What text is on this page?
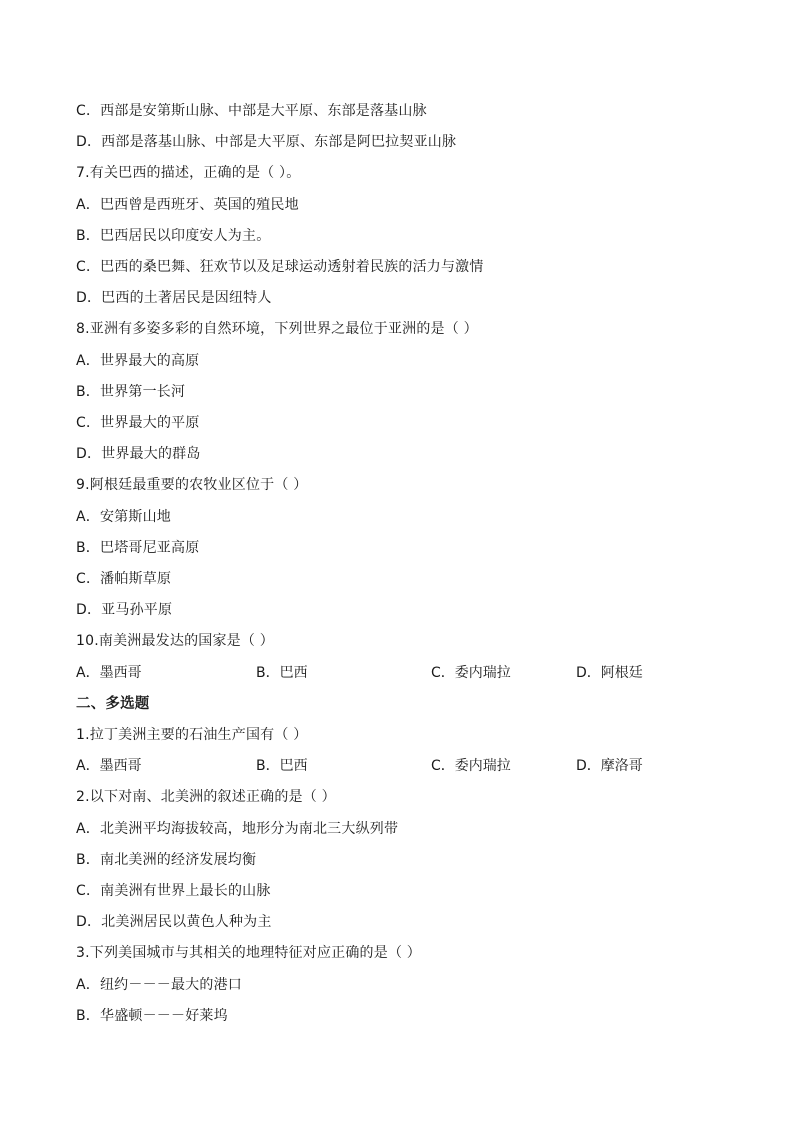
C．西部是安第斯山脉、中部是大平原、东部是落基山脉
D．西部是落基山脉、中部是大平原、东部是阿巴拉契亚山脉
7.有关巴西的描述，正确的是（ ）。
A．巴西曾是西班牙、英国的殖民地
B．巴西居民以印度安人为主。
C．巴西的桑巴舞、狂欢节以及足球运动透射着民族的活力与激情
D．巴西的土著居民是因纽特人
8.亚洲有多姿多彩的自然环境，下列世界之最位于亚洲的是（ ）
A．世界最大的高原
B．世界第一长河
C．世界最大的平原
D．世界最大的群岛
9.阿根廷最重要的农牧业区位于（ ）
A．安第斯山地
B．巴塔哥尼亚高原
C．潘帕斯草原
D．亚马孙平原
10.南美洲最发达的国家是（ ）
A．墨西哥	B．巴西	C．委内瑞拉	D．阿根廷
二、多选题
1.拉丁美洲主要的石油生产国有（ ）
A．墨西哥	B．巴西	C．委内瑞拉	D．摩洛哥
2.以下对南、北美洲的叙述正确的是（ ）
A．北美洲平均海拔较高，地形分为南北三大纵列带
B．南北美洲的经济发展均衡
C．南美洲有世界上最长的山脉
D．北美洲居民以黄色人种为主
3.下列美国城市与其相关的地理特征对应正确的是（ ）
A．纽约－－－最大的港口
B．华盛顿－－－好莱坞
